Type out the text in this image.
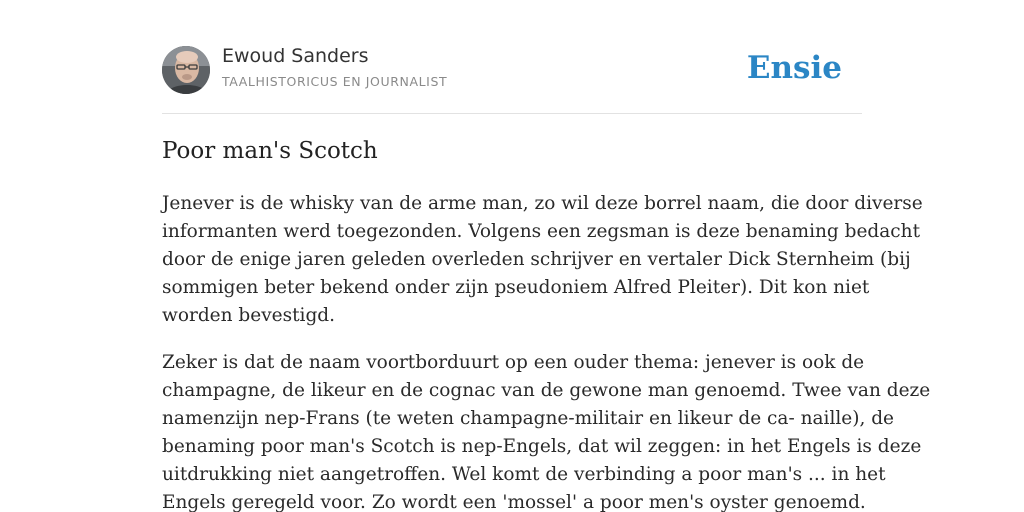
Ewoud Sanders
TAALHISTORICUS EN JOURNALIST	Ensie
Poor man's Scotch

Jenever is de whisky van de arme man, zo wil deze borrel naam, die door diverse
informanten werd toegezonden. Volgens een zegsman is deze benaming bedacht
door de enige jaren geleden overleden schrijver en vertaler Dick Sternheim (bij
sommigen beter bekend onder zijn pseudoniem Alfred Pleiter). Dit kon niet
worden bevestigd.

Zeker is dat de naam voortborduurt op een ouder thema: jenever is ook de
champagne, de likeur en de cognac van de gewone man genoemd. Twee van deze
namenzijn nep-Frans (te weten champagne-militair en likeur de ca- naille), de
benaming poor man's Scotch is nep-Engels, dat wil zeggen: in het Engels is deze
uitdrukking niet aangetroffen. Wel komt de verbinding a poor man's ... in het
Engels geregeld voor. Zo wordt een 'mossel' a poor men's oyster genoemd.
